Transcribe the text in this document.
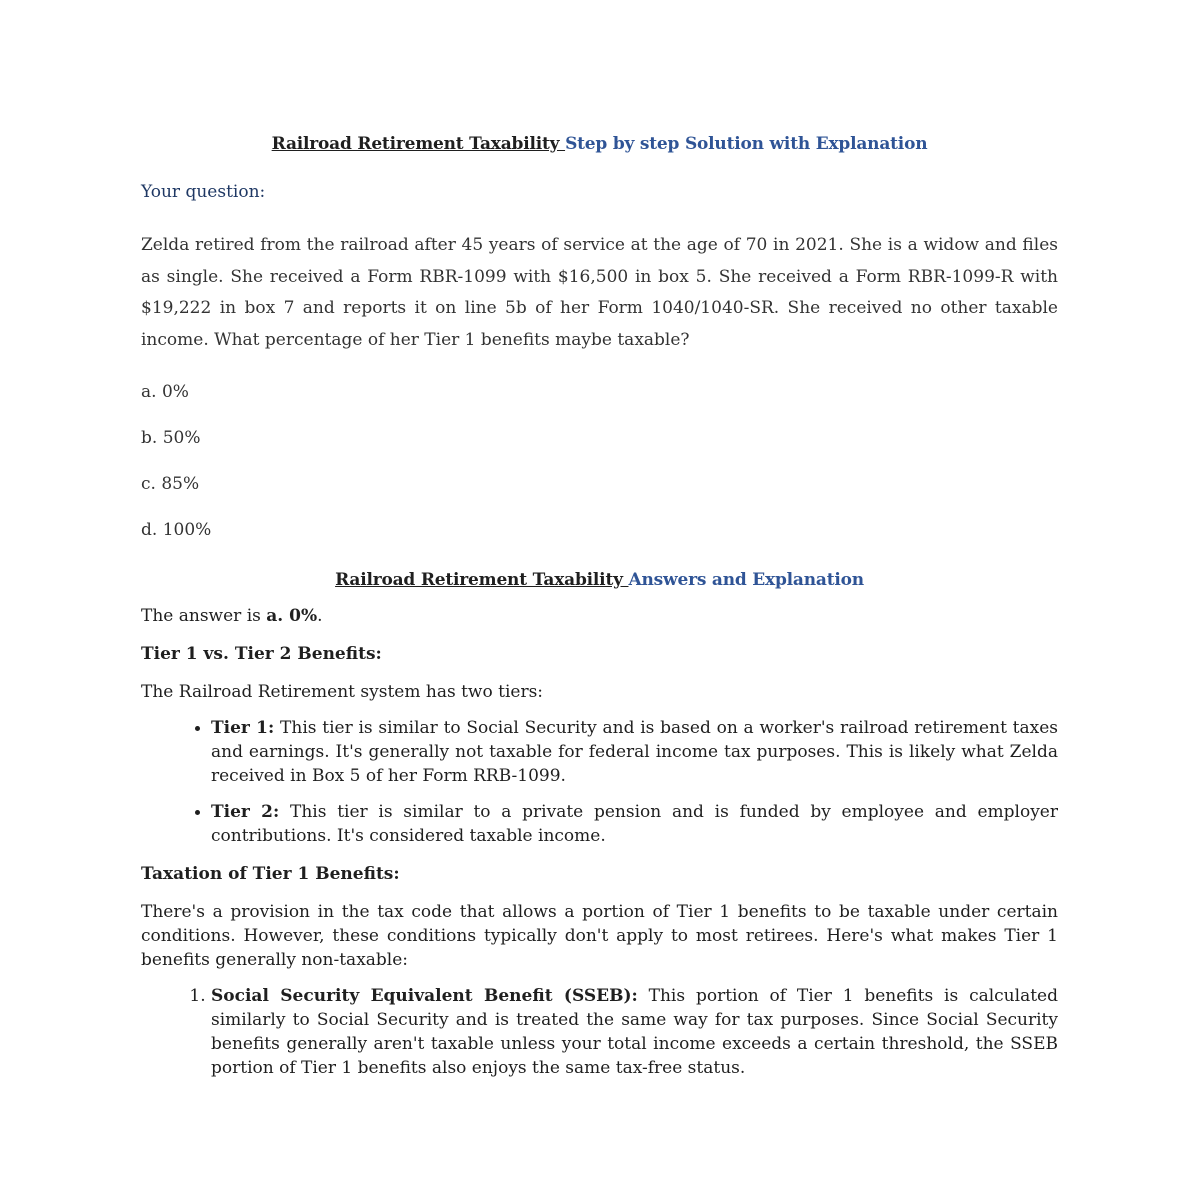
Railroad Retirement Taxability Step by step Solution with Explanation

Your question:

Zelda retired from the railroad after 45 years of service at the age of 70 in 2021. She is a widow and files as single. She received a Form RBR-1099 with $16,500 in box 5. She received a Form RBR-1099-R with $19,222 in box 7 and reports it on line 5b of her Form 1040/1040-SR. She received no other taxable income. What percentage of her Tier 1 benefits maybe taxable?

a. 0%

b. 50%

c. 85%

d. 100%

Railroad Retirement Taxability Answers and Explanation

The answer is a. 0%.

Tier 1 vs. Tier 2 Benefits:

The Railroad Retirement system has two tiers:

• Tier 1: This tier is similar to Social Security and is based on a worker's railroad retirement taxes and earnings. It's generally not taxable for federal income tax purposes. This is likely what Zelda received in Box 5 of her Form RRB-1099.
• Tier 2: This tier is similar to a private pension and is funded by employee and employer contributions. It's considered taxable income.

Taxation of Tier 1 Benefits:

There's a provision in the tax code that allows a portion of Tier 1 benefits to be taxable under certain conditions. However, these conditions typically don't apply to most retirees. Here's what makes Tier 1 benefits generally non-taxable:

1. Social Security Equivalent Benefit (SSEB): This portion of Tier 1 benefits is calculated similarly to Social Security and is treated the same way for tax purposes. Since Social Security benefits generally aren't taxable unless your total income exceeds a certain threshold, the SSEB portion of Tier 1 benefits also enjoys the same tax-free status.
